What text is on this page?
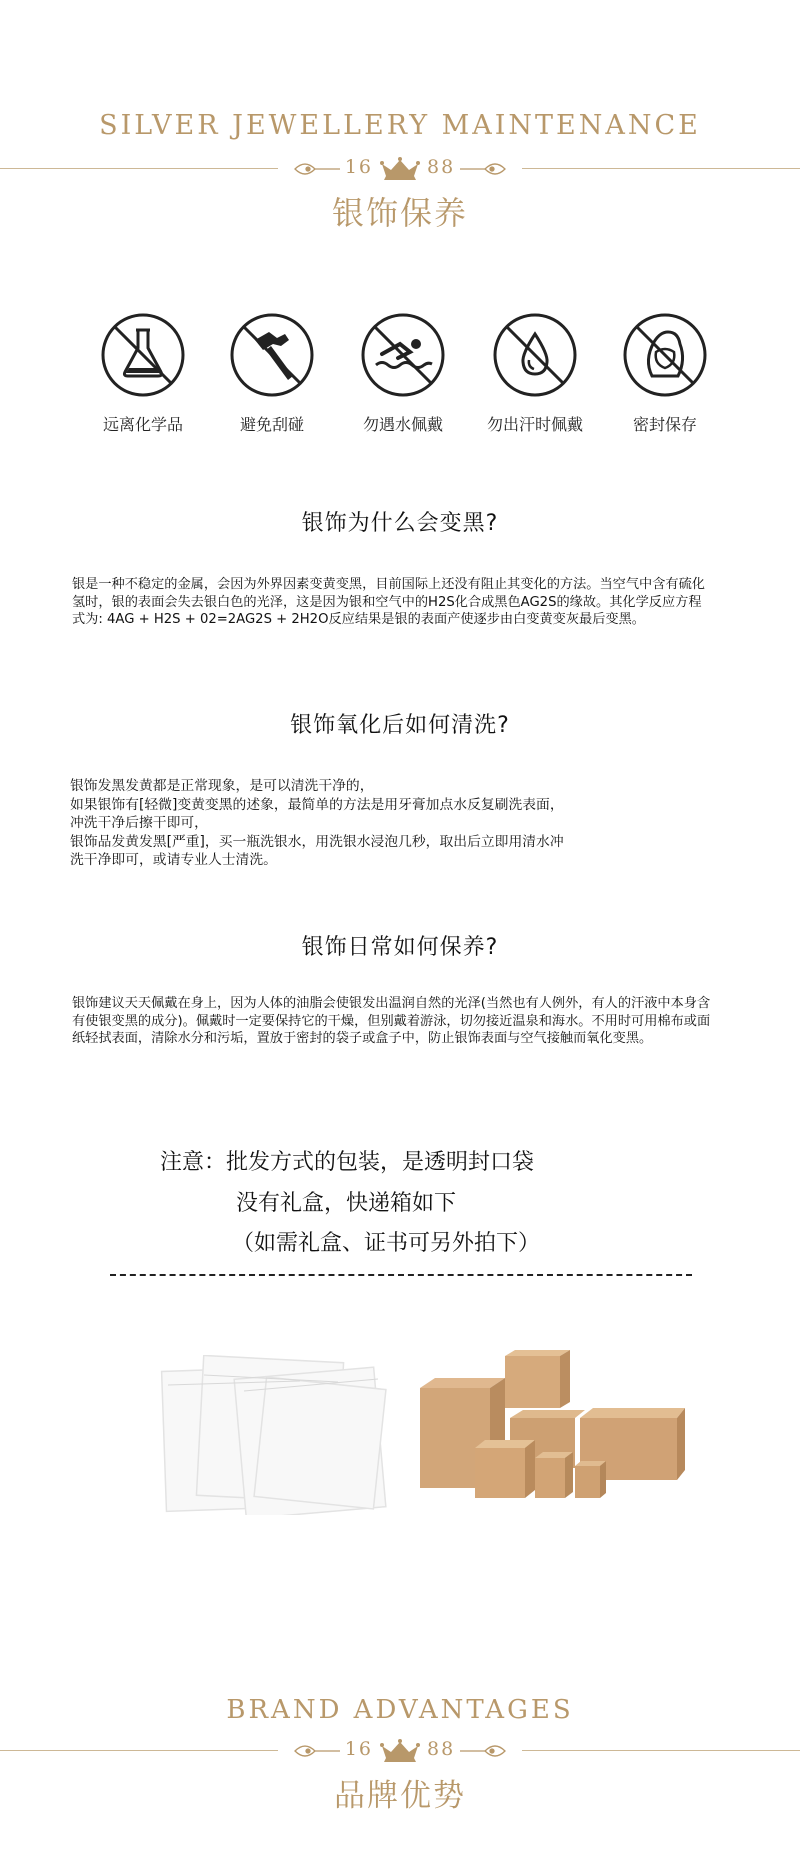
SILVER JEWELLERY MAINTENANCE
16	88
银饰保养
远离化学品	避免刮碰	勿遇水佩戴	勿出汗时佩戴	密封保存
银饰为什么会变黑?
银是一种不稳定的金属，会因为外界因素变黄变黑，目前国际上还没有阻止其变化的方法。当空气中含有硫化氢时，银的表面会失去银白色的光泽，这是因为银和空气中的H2S化合成黑色AG2S的缘故。其化学反应方程式为: 4AG + H2S + 02=2AG2S + 2H2O反应结果是银的表面产使逐步由白变黄变灰最后变黑。
银饰氧化后如何清洗?
银饰发黑发黄都是正常现象，是可以清洗干净的，
如果银饰有[轻微]变黄变黑的述象，最简单的方法是用牙膏加点水反复刷洗表面，
冲洗干净后擦干即可，
银饰品发黄发黑[严重]，买一瓶洗银水，用洗银水浸泡几秒，取出后立即用清水冲
洗干净即可，或请专业人士清洗。
银饰日常如何保养?
银饰建议天天佩戴在身上，因为人体的油脂会使银发出温润自然的光泽(当然也有人例外，有人的汗液中本身含有使银变黑的成分)。佩戴时一定要保持它的干燥，但别戴着游泳，切勿接近温泉和海水。不用时可用棉布或面纸轻拭表面，清除水分和污垢，置放于密封的袋子或盒子中，防止银饰表面与空气接触而氧化变黑。
注意：批发方式的包装，是透明封口袋
没有礼盒，快递箱如下
（如需礼盒、证书可另外拍下）
BRAND ADVANTAGES
16	88
品牌优势
